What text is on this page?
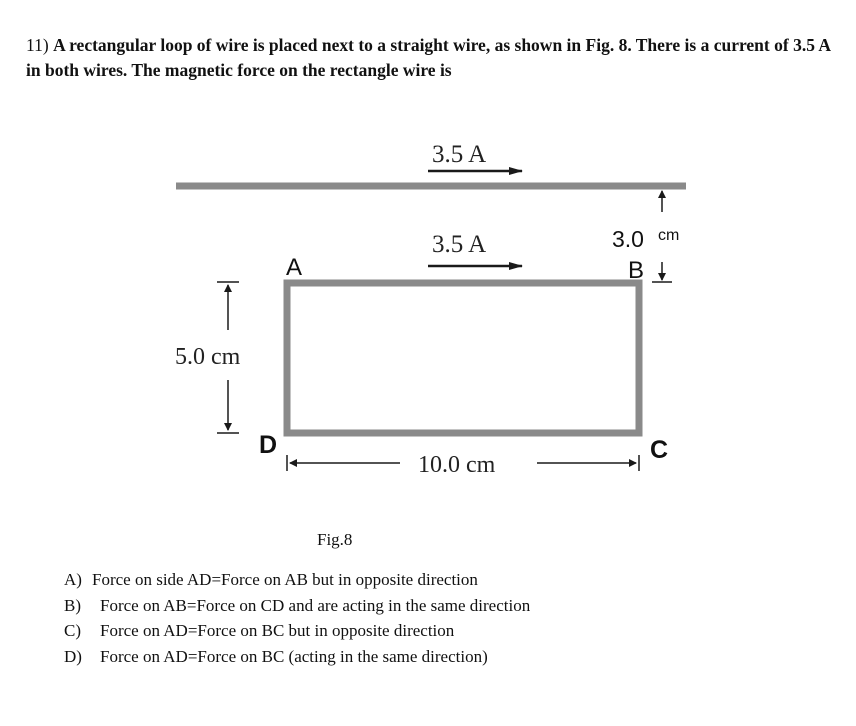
11) A rectangular loop of wire is placed next to a straight wire, as shown in Fig. 8. There is a current of 3.5 A in both wires. The magnetic force on the rectangle wire is
3.5 A
3.5 A
A	B
C
D
3.0 cm
5.0 cm
10.0 cm
Fig.8
A) Force on side AD=Force on AB but in opposite direction
B) Force on AB=Force on CD and are acting in the same direction
C) Force on AD=Force on BC but in opposite direction
D) Force on AD=Force on BC (acting in the same direction)
